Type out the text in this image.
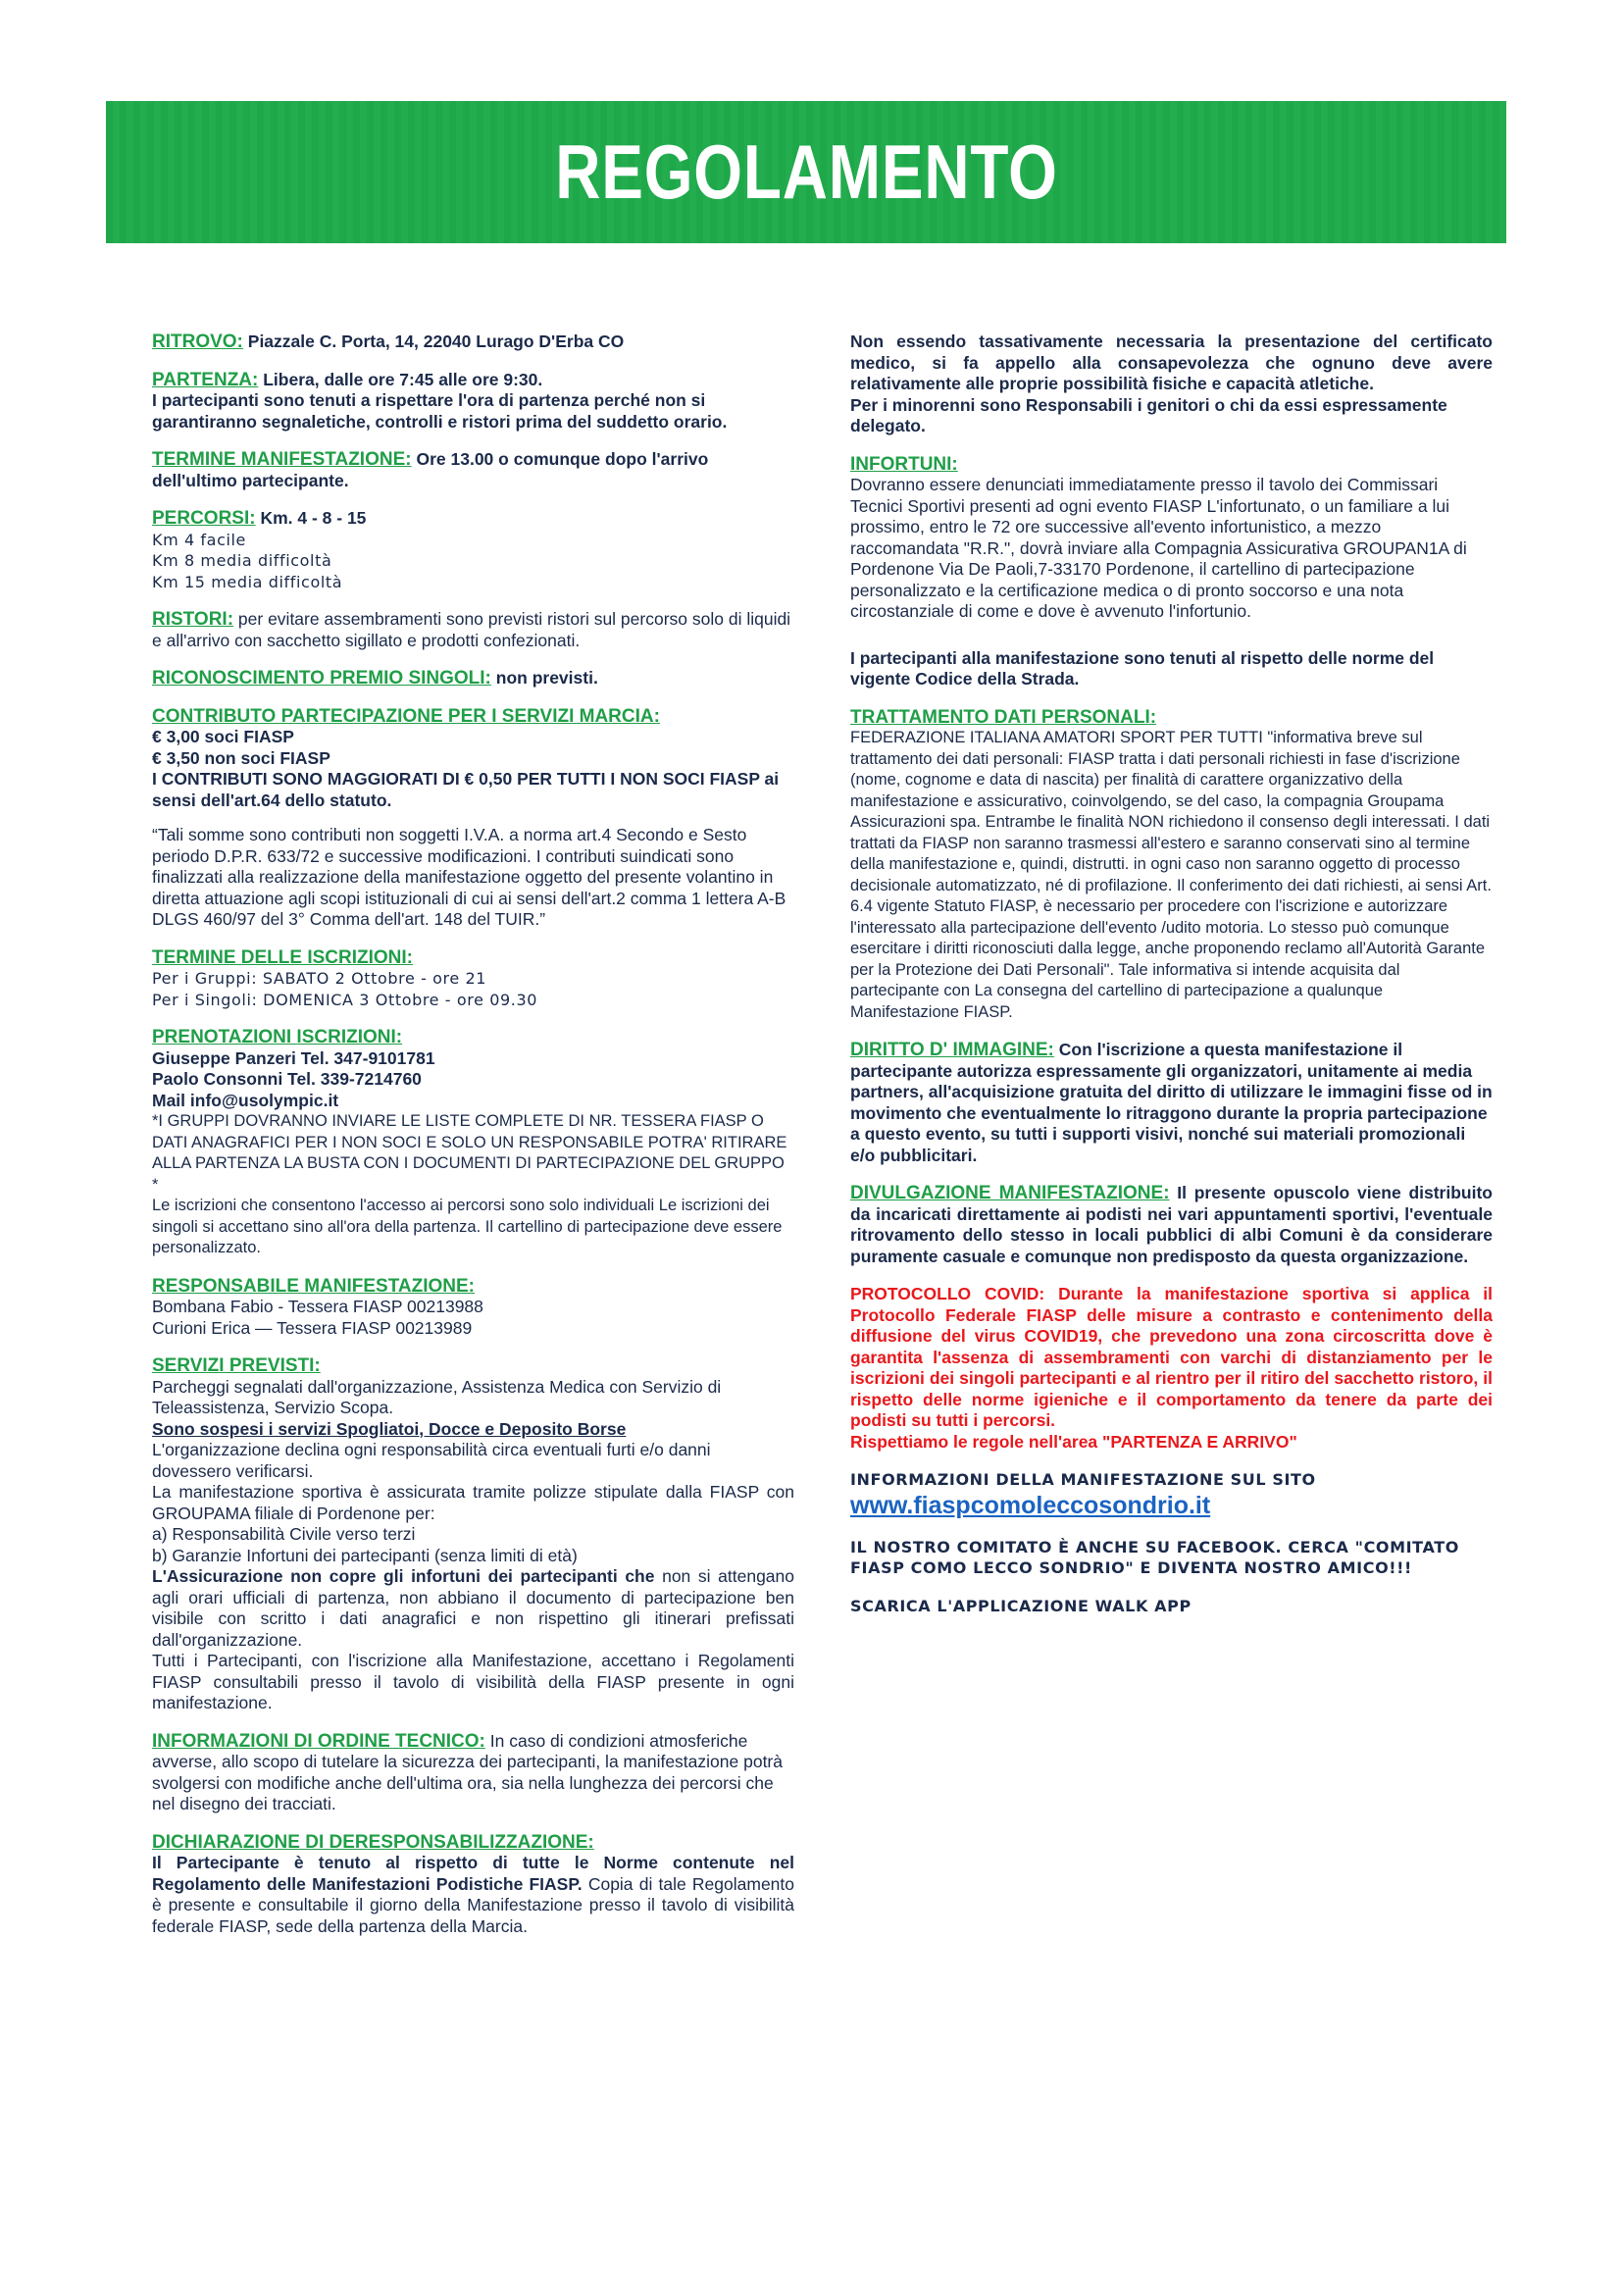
REGOLAMENTO

RITROVO: Piazzale C. Porta, 14, 22040 Lurago D'Erba CO

PARTENZA: Libera, dalle ore 7:45 alle ore 9:30.

I partecipanti sono tenuti a rispettare l'ora di partenza perché non si garantiranno segnaletiche, controlli e ristori prima del suddetto orario.

TERMINE MANIFESTAZIONE: Ore 13.00 o comunque dopo l'arrivo dell'ultimo partecipante.

PERCORSI: Km. 4 - 8 - 15

Km 4 facile

Km 8 media difficoltà

Km 15 media difficoltà

RISTORI: per evitare assembramenti sono previsti ristori sul percorso solo di liquidi e all'arrivo con sacchetto sigillato e prodotti confezionati.

RICONOSCIMENTO PREMIO SINGOLI: non previsti.

CONTRIBUTO PARTECIPAZIONE PER I SERVIZI MARCIA:

€ 3,00 soci FIASP

€ 3,50 non soci FIASP

I CONTRIBUTI SONO MAGGIORATI DI € 0,50 PER TUTTI I NON SOCI FIASP ai sensi dell'art.64 dello statuto.

“Tali somme sono contributi non soggetti I.V.A. a norma art.4 Secondo e Sesto periodo D.P.R. 633/72 e successive modificazioni. I contributi suindicati sono finalizzati alla realizzazione della manifestazione oggetto del presente volantino in diretta attuazione agli scopi istituzionali di cui ai sensi dell'art.2 comma 1 lettera A-B DLGS 460/97 del 3° Comma dell'art. 148 del TUIR.”

TERMINE DELLE ISCRIZIONI:

Per i Gruppi: SABATO 2 Ottobre - ore 21

Per i Singoli: DOMENICA 3 Ottobre - ore 09.30

PRENOTAZIONI ISCRIZIONI:

Giuseppe Panzeri Tel. 347-9101781

Paolo Consonni Tel. 339-7214760

Mail info@usolympic.it

*I GRUPPI DOVRANNO INVIARE LE LISTE COMPLETE DI NR. TESSERA FIASP O DATI ANAGRAFICI PER I NON SOCI E SOLO UN RESPONSABILE POTRA' RITIRARE ALLA PARTENZA LA BUSTA CON I DOCUMENTI DI PARTECIPAZIONE DEL GRUPPO *

Le iscrizioni che consentono l'accesso ai percorsi sono solo individuali Le iscrizioni dei singoli si accettano sino all'ora della partenza. Il cartellino di partecipazione deve essere personalizzato.

RESPONSABILE MANIFESTAZIONE:

Bombana Fabio - Tessera FIASP 00213988

Curioni Erica — Tessera FIASP 00213989

SERVIZI PREVISTI:

Parcheggi segnalati dall'organizzazione, Assistenza Medica con Servizio di Teleassistenza, Servizio Scopa.

Sono sospesi i servizi Spogliatoi, Docce e Deposito Borse

L'organizzazione declina ogni responsabilità circa eventuali furti e/o danni dovessero verificarsi.

La manifestazione sportiva è assicurata tramite polizze stipulate dalla FIASP con GROUPAMA filiale di Pordenone per:

a) Responsabilità Civile verso terzi

b) Garanzie Infortuni dei partecipanti (senza limiti di età)

L'Assicurazione non copre gli infortuni dei partecipanti che non si attengano agli orari ufficiali di partenza, non abbiano il documento di partecipazione ben visibile con scritto i dati anagrafici e non rispettino gli itinerari prefissati dall'organizzazione.

Tutti i Partecipanti, con l'iscrizione alla Manifestazione, accettano i Regolamenti FIASP consultabili presso il tavolo di visibilità della FIASP presente in ogni manifestazione.

INFORMAZIONI DI ORDINE TECNICO: In caso di condizioni atmosferiche avverse, allo scopo di tutelare la sicurezza dei partecipanti, la manifestazione potrà svolgersi con modifiche anche dell'ultima ora, sia nella lunghezza dei percorsi che nel disegno dei tracciati.

DICHIARAZIONE DI DERESPONSABILIZZAZIONE:

Il Partecipante è tenuto al rispetto di tutte le Norme contenute nel Regolamento delle Manifestazioni Podistiche FIASP. Copia di tale Regolamento è presente e consultabile il giorno della Manifestazione presso il tavolo di visibilità federale FIASP, sede della partenza della Marcia.

Non essendo tassativamente necessaria la presentazione del certificato medico, si fa appello alla consapevolezza che ognuno deve avere relativamente alle proprie possibilità fisiche e capacità atletiche.

Per i minorenni sono Responsabili i genitori o chi da essi espressamente delegato.

INFORTUNI:

Dovranno essere denunciati immediatamente presso il tavolo dei Commissari Tecnici Sportivi presenti ad ogni evento FIASP L'infortunato, o un familiare a lui prossimo, entro le 72 ore successive all'evento infortunistico, a mezzo raccomandata "R.R.", dovrà inviare alla Compagnia Assicurativa GROUPAN1A di Pordenone Via De Paoli,7-33170 Pordenone, il cartellino di partecipazione personalizzato e la certificazione medica o di pronto soccorso e una nota circostanziale di come e dove è avvenuto l'infortunio.

I partecipanti alla manifestazione sono tenuti al rispetto delle norme del vigente Codice della Strada.

TRATTAMENTO DATI PERSONALI:

FEDERAZIONE ITALIANA AMATORI SPORT PER TUTTI "informativa breve sul trattamento dei dati personali: FIASP tratta i dati personali richiesti in fase d'iscrizione (nome, cognome e data di nascita) per finalità di carattere organizzativo della manifestazione e assicurativo, coinvolgendo, se del caso, la compagnia Groupama Assicurazioni spa. Entrambe le finalità NON richiedono il consenso degli interessati. I dati trattati da FIASP non saranno trasmessi all'estero e saranno conservati sino al termine della manifestazione e, quindi, distrutti. in ogni caso non saranno oggetto di processo decisionale automatizzato, né di profilazione. Il conferimento dei dati richiesti, ai sensi Art. 6.4 vigente Statuto FIASP, è necessario per procedere con l'iscrizione e autorizzare l'interessato alla partecipazione dell'evento /udito motoria. Lo stesso può comunque esercitare i diritti riconosciuti dalla legge, anche proponendo reclamo all'Autorità Garante per la Protezione dei Dati Personali". Tale informativa si intende acquisita dal partecipante con La consegna del cartellino di partecipazione a qualunque Manifestazione FIASP.

DIRITTO D' IMMAGINE: Con l'iscrizione a questa manifestazione il partecipante autorizza espressamente gli organizzatori, unitamente ai media partners, all'acquisizione gratuita del diritto di utilizzare le immagini fisse od in movimento che eventualmente lo ritraggono durante la propria partecipazione a questo evento, su tutti i supporti visivi, nonché sui materiali promozionali e/o pubblicitari.

DIVULGAZIONE MANIFESTAZIONE: Il presente opuscolo viene distribuito da incaricati direttamente ai podisti nei vari appuntamenti sportivi, l'eventuale ritrovamento dello stesso in locali pubblici di albi Comuni è da considerare puramente casuale e comunque non predisposto da questa organizzazione.

PROTOCOLLO COVID: Durante la manifestazione sportiva si applica il Protocollo Federale FIASP delle misure a contrasto e contenimento della diffusione del virus COVID19, che prevedono una zona circoscritta dove è garantita l'assenza di assembramenti con varchi di distanziamento per le iscrizioni dei singoli partecipanti e al rientro per il ritiro del sacchetto ristoro, il rispetto delle norme igieniche e il comportamento da tenere da parte dei podisti su tutti i percorsi.

Rispettiamo le regole nell'area "PARTENZA E ARRIVO"

INFORMAZIONI DELLA MANIFESTAZIONE SUL SITO

www.fiaspcomoleccosondrio.it

IL NOSTRO COMITATO È ANCHE SU FACEBOOK. CERCA "COMITATO FIASP COMO LECCO SONDRIO" E DIVENTA NOSTRO AMICO!!!

SCARICA L'APPLICAZIONE WALK APP
